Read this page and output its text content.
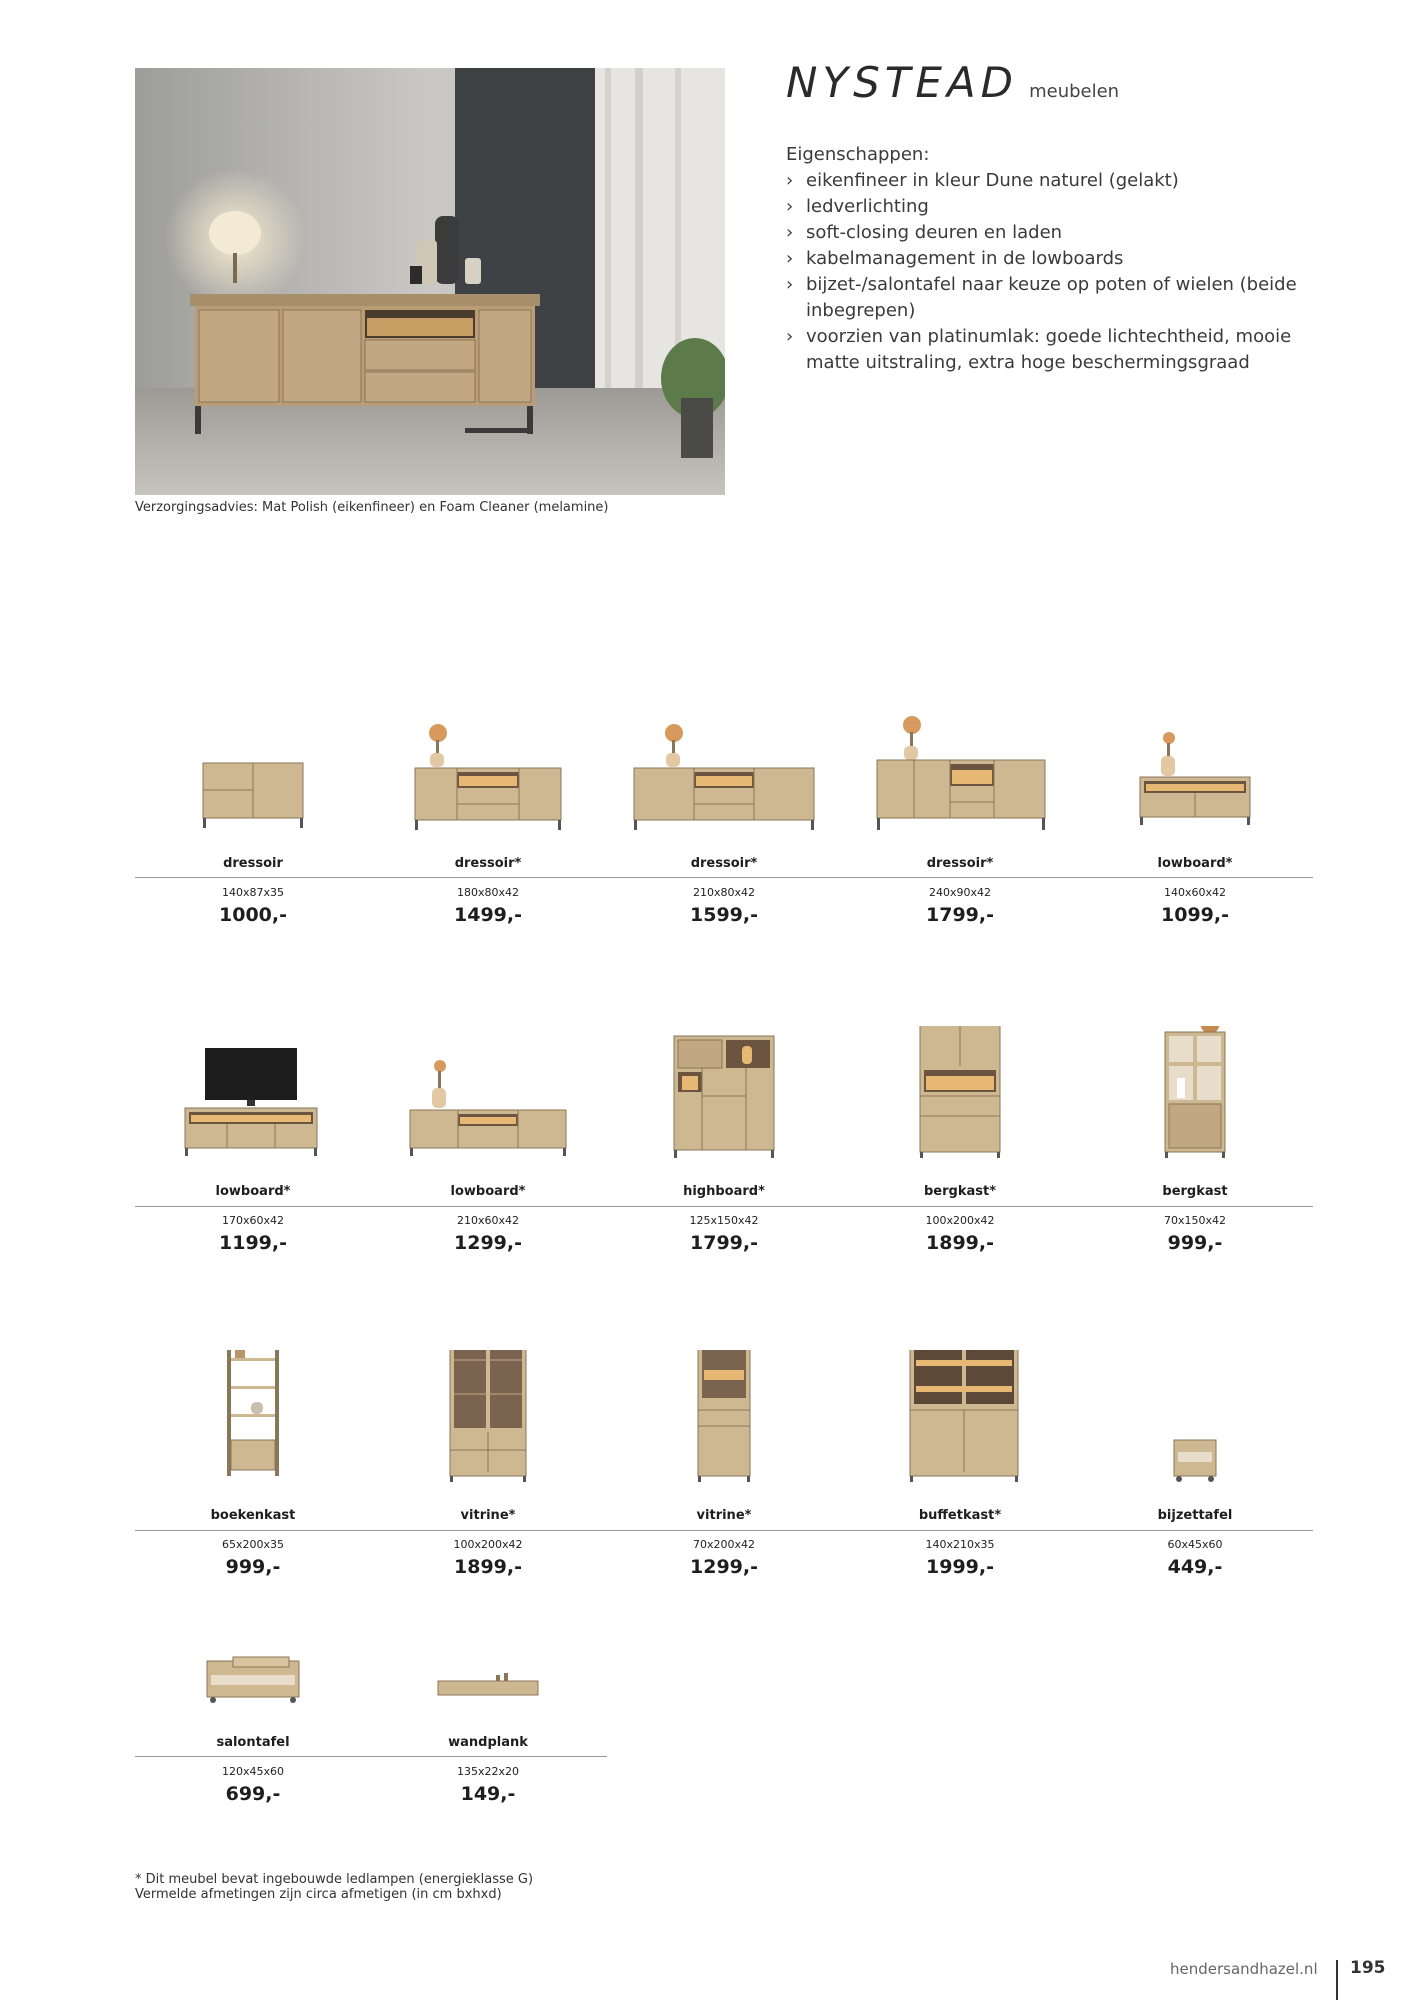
Verzorgingsadvies: Mat Polish (eikenfineer) en Foam Cleaner (melamine)
NYSTEAD meubelen
Eigenschappen:
› eikenfineer in kleur Dune naturel (gelakt)
› ledverlichting
› soft-closing deuren en laden
› kabelmanagement in de lowboards
› bijzet-/salontafel naar keuze op poten of wielen (beide inbegrepen)
› voorzien van platinumlak: goede lichtechtheid, mooie matte uitstraling, extra hoge beschermingsgraad
dressoir
140x87x35
1000,-
dressoir*
180x80x42
1499,-
dressoir*
210x80x42
1599,-
dressoir*
240x90x42
1799,-
lowboard*
140x60x42
1099,-
lowboard*
170x60x42
1199,-
lowboard*
210x60x42
1299,-
highboard*
125x150x42
1799,-
bergkast*
100x200x42
1899,-
bergkast
70x150x42
999,-
boekenkast
65x200x35
999,-
vitrine*
100x200x42
1899,-
vitrine*
70x200x42
1299,-
buffetkast*
140x210x35
1999,-
bijzettafel
60x45x60
449,-
salontafel
120x45x60
699,-
wandplank
135x22x20
149,-
* Dit meubel bevat ingebouwde ledlampen (energieklasse G)
Vermelde afmetingen zijn circa afmetigen (in cm bxhxd)
hendersandhazel.nl 195
